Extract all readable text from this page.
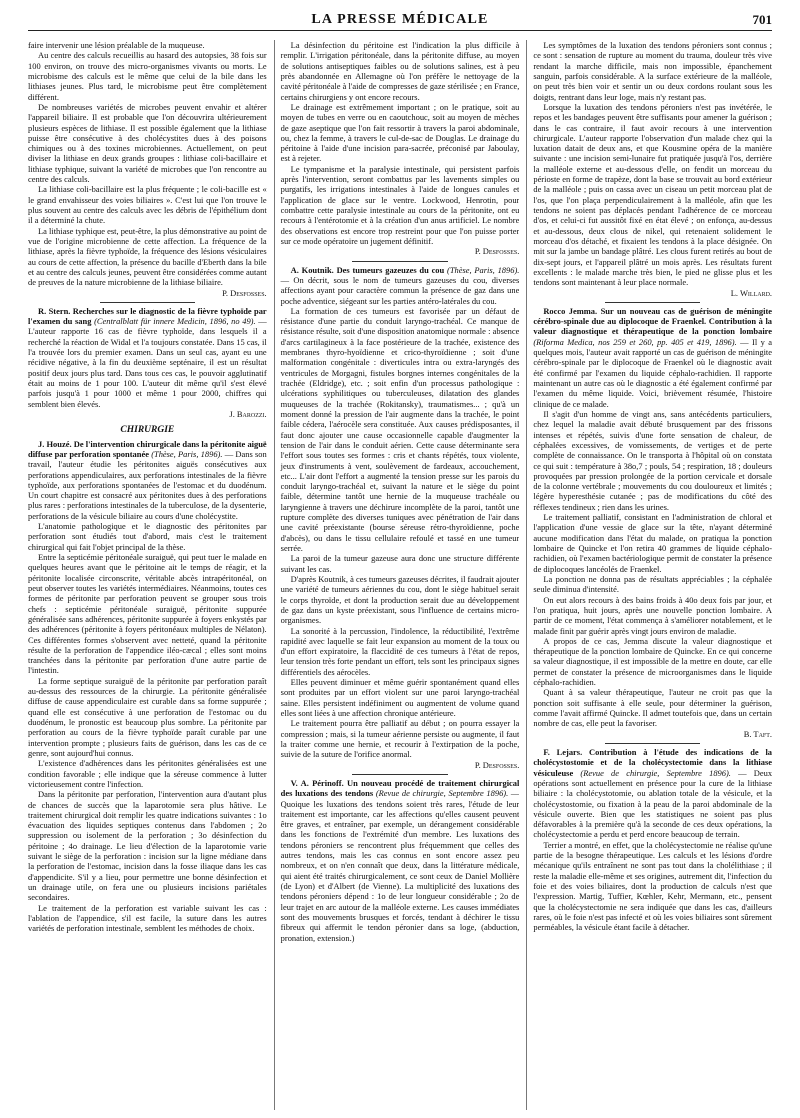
LA PRESSE MÉDICALE	701

faire intervenir une lésion préalable de la muqueuse.

Au centre des calculs recueillis au hasard des autopsies, 38 fois sur 100 environ, on trouve des micro-organismes vivants ou morts. Le microbisme des calculs est le même que celui de la bile dans les lithiases jeunes. Plus tard, le microbisme peut être complètement différent.

De nombreuses variétés de microbes peuvent envahir et altérer l'appareil biliaire. Il est probable que l'on découvrira ultérieurement plusieurs espèces de lithiase. Il est possible également que la lithiase puisse être consécutive à des cholécystites dues à des poisons chimiques ou à des toxines microbiennes. Actuellement, on peut diviser la lithiase en deux grands groupes : lithiase coli-bacillaire et lithiase typhique, suivant la variété de microbes que l'on rencontre au centre des calculs.

La lithiase coli-bacillaire est la plus fréquente ; le coli-bacille est « le grand envahisseur des voies biliaires ». C'est lui que l'on trouve le plus souvent au centre des calculs avec les débris de l'épithélium dont il a déterminé la chute.

La lithiase typhique est, peut-être, la plus démonstrative au point de vue de l'origine microbienne de cette affection. La fréquence de la lithiase, après la fièvre typhoïde, la fréquence des lésions vésiculaires au cours de cette affection, la présence du bacille d'Eberth dans la bile et au centre des calculs jeunes, peuvent être considérées comme autant de preuves de la nature microbienne de la lithiase biliaire.

P. Desfosses.

R. Stern. Recherches sur le diagnostic de la fièvre typhoïde par l'examen du sang (Centralblatt für innere Medicin, 1896, no 49). — L'auteur rapporte 16 cas de fièvre typhoïde, dans lesquels il a recherché la réaction de Widal et l'a toujours constatée. Dans 15 cas, il l'a trouvée lors du premier examen. Dans un seul cas, ayant eu une récidive négative, à la fin du deuxième septénaire, il est un résultat positif deux jours plus tard. Dans tous ces cas, le pouvoir agglutinatif était au moins de 1 pour 100. L'auteur dit même qu'il s'est élevé parfois jusqu'à 1 pour 1000 et même 1 pour 2000, chiffres qui semblent bien élevés.

J. Barozzi.

CHIRURGIE

J. Houzé. De l'intervention chirurgicale dans la péritonite aiguë diffuse par perforation spontanée (Thèse, Paris, 1896). — Dans son travail, l'auteur étudie les péritonites aiguës consécutives aux perforations appendiculaires, aux perforations intestinales de la fièvre typhoïde, aux perforations spontanées de l'estomac et du duodénum. Un court chapitre est consacré aux péritonites dues à des perforations plus rares : perforations intestinales de la tuberculose, de la dysenterie, perforations de la vésicule biliaire au cours d'une cholécystite.

L'anatomie pathologique et le diagnostic des péritonites par perforation sont étudiés tout d'abord, mais c'est le traitement chirurgical qui fait l'objet principal de la thèse.

Entre la septicémie péritonéale suraiguë, qui peut tuer le malade en quelques heures avant que le péritoine ait le temps de réagir, et la péritonite localisée circonscrite, véritable abcès intrapéritonéal, on peut observer toutes les variétés intermédiaires. Néanmoins, toutes ces formes de péritonite par perforation peuvent se grouper sous trois chefs : septicémie péritonéale suraiguë, péritonite suppurée généralisée sans adhérences, péritonite suppurée à foyers enkystés par des adhérences (péritonite à foyers péritonéaux multiples de Nélaton). Ces différentes formes s'observent avec netteté, quand la péritonite résulte de la perforation de l'appendice iléo-cæcal ; elles sont moins tranchées dans la péritonite par perforation d'une autre partie de l'intestin.

La forme septique suraiguë de la péritonite par perforation paraît au-dessus des ressources de la chirurgie. La péritonite généralisée diffuse de cause appendiculaire est curable dans sa forme suppurée ; quand elle est consécutive à une perforation de l'estomac ou du duodénum, le pronostic est beaucoup plus sombre. La péritonite par perforation au cours de la fièvre typhoïde paraît curable par une intervention prompte ; plusieurs faits de guérison, dans les cas de ce genre, sont aujourd'hui connus.

L'existence d'adhérences dans les péritonites généralisées est une condition favorable ; elle indique que la séreuse commence à lutter victorieusement contre l'infection.

Dans la péritonite par perforation, l'intervention aura d'autant plus de chances de succès que la laparotomie sera plus hâtive. Le traitement chirurgical doit remplir les quatre indications suivantes : 1o évacuation des liquides septiques contenus dans l'abdomen ; 2o suppression ou isolement de la perforation ; 3o désinfection du péritoine ; 4o drainage. Le lieu d'élection de la laparotomie varie suivant le siège de la perforation : incision sur la ligne médiane dans la perforation de l'estomac, incision dans la fosse iliaque dans les cas d'appendicite. S'il y a lieu, pour permettre une bonne désinfection et un drainage utile, on fera une ou plusieurs incisions pariétales secondaires.

Le traitement de la perforation est variable suivant les cas : l'ablation de l'appendice, s'il est facile, la suture dans les autres variétés de perforation intestinale, semblent les méthodes de choix.

La désinfection du péritoine est l'indication la plus difficile à remplir. L'irrigation péritonéale, dans la péritonite diffuse, au moyen de solutions antiseptiques faibles ou de solutions salines, est à peu près abandonnée en Allemagne où l'on préfère le nettoyage de la cavité péritonéale à l'aide de compresses de gaze stérilisée ; en France, certains chirurgiens y ont encore recours.

Le drainage est extrêmement important ; on le pratique, soit au moyen de tubes en verre ou en caoutchouc, soit au moyen de mèches de gaze aseptique que l'on fait ressortir à travers la paroi abdominale, ou, chez la femme, à travers le cul-de-sac de Douglas. Le drainage du péritoine à l'aide d'une incision para-sacrée, préconisé par Jaboulay, est à rejeter.

Le tympanisme et la paralysie intestinale, qui persistent parfois après l'intervention, seront combattus par les lavements simples ou purgatifs, les irrigations intestinales à l'aide de longues canules et l'application de glace sur le ventre. Lockwood, Henrotin, pour combattre cette paralysie intestinale au cours de la péritonite, ont eu recours à l'entérotomie et à la création d'un anus artificiel. Le nombre des observations est encore trop restreint pour que l'on puisse porter sur ce mode opératoire un jugement définitif.

P. Desfosses.

A. Koutnik. Des tumeurs gazeuzes du cou (Thèse, Paris, 1896). — On décrit, sous le nom de tumeurs gazeuses du cou, diverses affections ayant pour caractère commun la présence de gaz dans une poche adventice, siégeant sur les parties antéro-latérales du cou.

La formation de ces tumeurs est favorisée par un défaut de résistance d'une partie du conduit laryngo-trachéal. Ce manque de résistance résulte, soit d'une disposition anatomique normale : absence d'arcs cartilagineux à la face postérieure de la trachée, existence des membranes thyro-hyoïdienne et crico-thyroïdienne ; soit d'une malformation congénitale : diverticules intra ou extra-laryngés des ventricules de Morgagni, fistules borgnes internes congénitales de la trachée (Eldridge), etc. ; soit enfin d'un processus pathologique : ulcérations syphilitiques ou tuberculeuses, dilatation des glandes muqueuses de la trachée (Rokitansky), traumatismes... ; qu'à un moment donné la pression de l'air augmente dans la trachée, le point faible cédera, l'aérocèle sera constituée. Aux causes prédisposantes, il faut donc ajouter une cause occasionnelle capable d'augmenter la tension de l'air dans le conduit aérien. Cette cause déterminante sera l'effort sous toutes ses formes : cris et chants répétés, toux violente, jeux d'instruments à vent, soulèvement de fardeaux, accouchement, etc... L'air dont l'effort a augmenté la tension presse sur les parois du conduit laryngo-trachéal et, suivant la nature et le siège du point faible, détermine tantôt une hernie de la muqueuse trachéale ou laryngienne à travers une déchirure incomplète de la paroi, tantôt une rupture complète des diverses tuniques avec pénétration de l'air dans une cavité préexistante (bourse séreuse rétro-thyroïdienne, poche d'abcès), ou dans le tissu cellulaire refoulé et tassé en une tumeur serrée.

La paroi de la tumeur gazeuse aura donc une structure différente suivant les cas.

D'après Koutnik, à ces tumeurs gazeuses décrites, il faudrait ajouter une variété de tumeurs aériennes du cou, dont le siège habituel serait le corps thyroïde, et dont la production serait due au développement de gaz dans un kyste préexistant, sous l'influence de certains micro-organismes.

La sonorité à la percussion, l'indolence, la réductibilité, l'extrême rapidité avec laquelle se fait leur expansion au moment de la toux ou d'un effort expiratoire, la flaccidité de ces tumeurs à l'état de repos, leur tension très forte pendant un effort, tels sont les principaux signes différentiels des aérocèles.

Elles peuvent diminuer et même guérir spontanément quand elles sont produites par un effort violent sur une paroi laryngo-trachéal saine. Elles persistent indéfiniment ou augmentent de volume quand elles sont liées à une affection chronique antérieure.

Le traitement pourra être palliatif au début ; on pourra essayer la compression ; mais, si la tumeur aérienne persiste ou augmente, il faut la traiter comme une hernie, et recourir à l'extirpation de la poche, suivie de la suture de l'orifice anormal.

P. Desfosses.

V. A. Périnoff. Un nouveau procédé de traitement chirurgical des luxations des tendons (Revue de chirurgie, Septembre 1896). — Quoique les luxations des tendons soient très rares, l'étude de leur traitement est importante, car les affections qu'elles causent peuvent être graves, et entraîner, par exemple, un dérangement considérable dans les fonctions de l'extrémité d'un membre. Les luxations des tendons péroniers se rencontrent plus fréquemment que celles des autres tendons, mais les cas connus en sont encore assez peu nombreux, et on n'en connaît que deux, dans la littérature médicale, qui aient été traités chirurgicalement, ce sont ceux de Daniel Mollière (de Lyon) et d'Albert (de Vienne). La multiplicité des luxations des tendons péroniers dépend : 1o de leur longueur considérable ; 2o de leur trajet en arc autour de la malléole externe. Les causes immédiates sont des mouvements brusques et forcés, tendant à déchirer le tissu fibreux qui affermit le tendon péronier dans sa loge, (abduction, pronation, extension.)

Les symptômes de la luxation des tendons péroniers sont connus ; ce sont : sensation de rupture au moment du trauma, douleur très vive rendant la marche difficile, mais non impossible, épanchement sanguin, parfois considérable. A la surface extérieure de la malléole, on peut très bien voir et sentir un ou deux cordons roulant sous les doigts, rentrant dans leur loge, mais n'y restant pas.

Lorsque la luxation des tendons péroniers n'est pas invétérée, le repos et les bandages peuvent être suffisants pour amener la guérison ; dans le cas contraire, il faut avoir recours à une intervention chirurgicale. L'auteur rapporte l'observation d'un malade chez qui la luxation datait de deux ans, et que Kousmine opéra de la manière suivante : une incision semi-lunaire fut pratiquée jusqu'à l'os, derrière la malléole externe et au-dessous d'elle, on fendit un morceau du périoste en forme de trapèze, dont la base se trouvait au bord extérieur de la malléole ; puis on cassa avec un ciseau un petit morceau plat de l'os, que l'on plaça perpendiculairement à la malléole, afin que les tendons ne soient pas déplacés pendant l'adhérence de ce morceau d'os, et celui-ci fut aussitôt fixé en état élevé ; on enfonça, au-dessus et au-dessous, deux clous de nikel, qui retenaient solidement le morceau d'os détaché, et fixaient les tendons à la place désignée. On mit sur la jambe un bandage plâtré. Les clous furent retirés au bout de dix-sept jours, et l'appareil plâtré un mois après. Les résultats furent excellents : le malade marche très bien, le pied ne glisse plus et les tendons sont maintenant à leur place normale.

L. Willard.

Rocco Jemma. Sur un nouveau cas de guérison de méningite cérébro-spinale due au diplocoque de Fraenkel. Contribution à la valeur diagnostique et thérapeutique de la ponction lombaire (Riforma Medica, nos 259 et 260, pp. 405 et 419, 1896). — Il y a quelques mois, l'auteur avait rapporté un cas de guérison de méningite cérébro-spinale par le diplocoque de Fraenkel où le diagnostic avait été confirmé par l'examen du liquide céphalo-rachidien. Il rapporte maintenant un autre cas où le diagnostic a été également confirmé par l'examen du même liquide. Voici, brièvement résumée, l'histoire clinique de ce malade.

Il s'agit d'un homme de vingt ans, sans antécédents particuliers, chez lequel la maladie avait débuté brusquement par des frissons intenses et répétés, suivis d'une forte sensation de chaleur, de céphalées excessives, de vomissements, de vertiges et de perte complète de connaissance. On le transporta à l'hôpital où on constata ce qui suit : température à 38o,7 ; pouls, 54 ; respiration, 18 ; douleurs provoquées par pression prolongée de la portion cervicale et dorsale de la colonne vertébrale ; mouvements du cou douloureux et limités ; légère hyperesthésie cutanée ; pas de modifications du côté des réflexes tendineux ; rien dans les urines.

Le traitement palliatif, consistant en l'administration de chloral et l'application d'une vessie de glace sur la tête, n'ayant déterminé aucune modification dans l'état du malade, on pratiqua la ponction lombaire de Quincke et l'on retira 40 grammes de liquide céphalo-rachidien, où l'examen bactériologique permit de constater la présence de diplocoques lancéolés de Fraenkel.

La ponction ne donna pas de résultats appréciables ; la céphalée seule diminua d'intensité.

On eut alors recours à des bains froids à 40o deux fois par jour, et l'on pratiqua, huit jours, après une nouvelle ponction lombaire. A partir de ce moment, l'état commença à s'améliorer notablement, et le malade finit par guérir après vingt jours environ de maladie.

A propos de ce cas, Jemma discute la valeur diagnostique et thérapeutique de la ponction lombaire de Quincke. En ce qui concerne sa valeur diagnostique, il est impossible de la mettre en doute, car elle permet de constater la présence de microorganismes dans le liquide céphalo-rachidien.

Quant à sa valeur thérapeutique, l'auteur ne croit pas que la ponction soit suffisante à elle seule, pour déterminer la guérison, comme l'avait affirmé Quincke. Il admet toutefois que, dans un certain nombre de cas, elle peut la favoriser.

B. Taft.

F. Lejars. Contribution à l'étude des indications de la cholécystostomie et de la cholécystectomie dans la lithiase vésiculeuse (Revue de chirurgie, Septembre 1896). — Deux opérations sont actuellement en présence pour la cure de la lithiase biliaire : la cholécystotomie, ou ablation totale de la vésicule, et la cholécystostomie, ou fixation à la peau de la paroi abdominale de la vésicule ouverte. Bien que les statistiques ne soient pas plus défavorables à la première qu'à la seconde de ces deux opérations, la cholécystectomie a perdu et perd encore beaucoup de terrain.

Terrier a montré, en effet, que la cholécystectomie ne réalise qu'une partie de la besogne thérapeutique. Les calculs et les lésions d'ordre mécanique qu'ils entraînent ne sont pas tout dans la cholélithiase ; il reste la maladie elle-même et ses origines, autrement dit, l'infection du foie et des voies biliaires, dont la production de calculs n'est que l'expression. Martig, Tuffier, Kœhler, Kehr, Mermann, etc., pensent que la cholécystectomie ne sera indiquée que dans les cas, d'ailleurs rares, où le foie n'est pas infecté et où les voies biliaires sont sûrement perméables, la vésicule étant facile à détacher.
